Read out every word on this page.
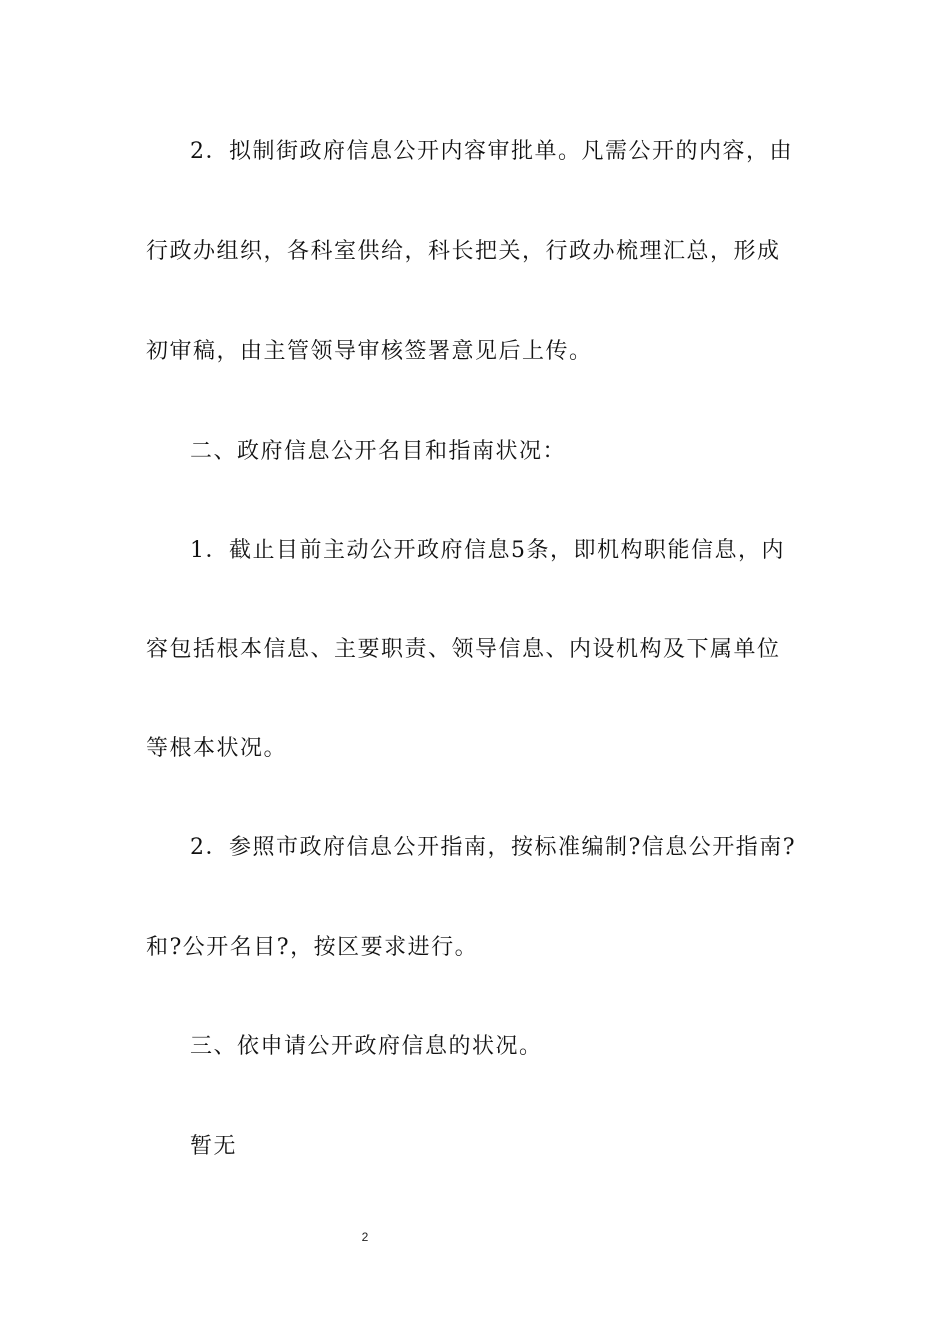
2．拟制街政府信息公开内容审批单。凡需公开的内容，由
行政办组织，各科室供给，科长把关，行政办梳理汇总，形成
初审稿，由主管领导审核签署意见后上传。
二、政府信息公开名目和指南状况：
1．截止目前主动公开政府信息5条，即机构职能信息，内
容包括根本信息、主要职责、领导信息、内设机构及下属单位
等根本状况。
2．参照市政府信息公开指南，按标准编制?信息公开指南?
和?公开名目?，按区要求进行。
三、依申请公开政府信息的状况。
暂无
2
